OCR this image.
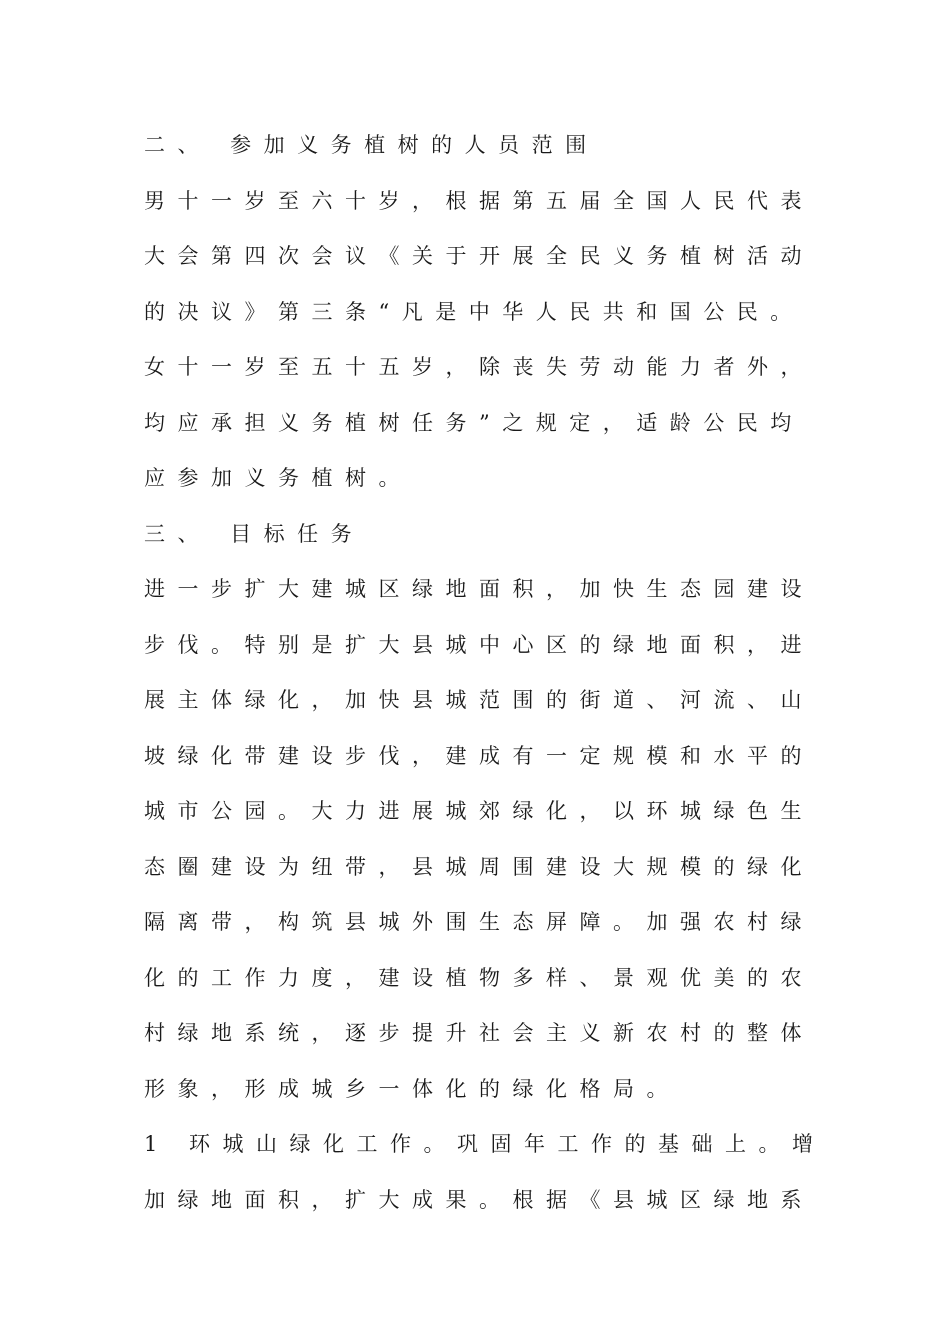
二、 参加义务植树的人员范围
男十一岁至六十岁，根据第五届全国人民代表
大会第四次会议《关于开展全民义务植树活动
的决议》第三条“凡是中华人民共和国公民。
女十一岁至五十五岁，除丧失劳动能力者外，
均应承担义务植树任务”之规定，适龄公民均
应参加义务植树。
三、 目标任务
进一步扩大建城区绿地面积，加快生态园建设
步伐。特别是扩大县城中心区的绿地面积，进
展主体绿化，加快县城范围的街道、河流、山
坡绿化带建设步伐，建成有一定规模和水平的
城市公园。大力进展城郊绿化，以环城绿色生
态圈建设为纽带，县城周围建设大规模的绿化
隔离带，构筑县城外围生态屏障。加强农村绿
化的工作力度，建设植物多样、景观优美的农
村绿地系统，逐步提升社会主义新农村的整体
形象，形成城乡一体化的绿化格局。
1 环城山绿化工作。巩固年工作的基础上。增
加绿地面积，扩大成果。根据《县城区绿地系
